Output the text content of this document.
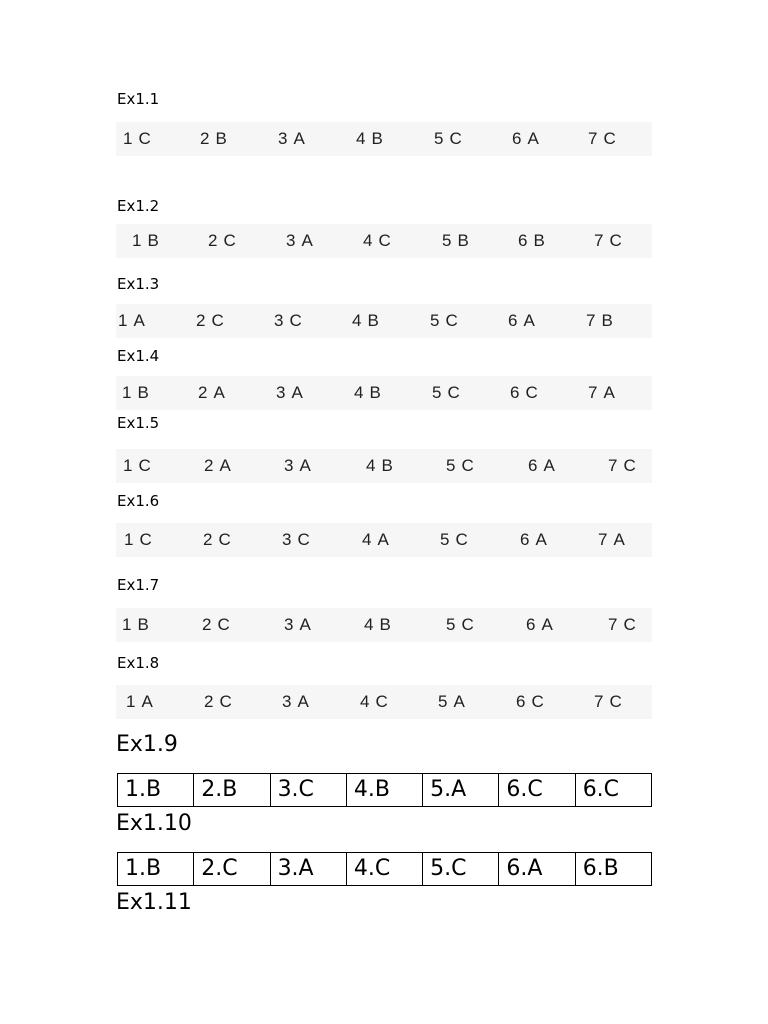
Ex1.1
1 C	2 B	3 A	4 B	5 C	6 A	7 C
Ex1.2
1 B	2 C	3 A	4 C	5 B	6 B	7 C
Ex1.3
1 A	2 C	3 C	4 B	5 C	6 A	7 B
Ex1.4
1 B	2 A	3 A	4 B	5 C	6 C	7 A
Ex1.5
1 C	2 A	3 A	4 B	5 C	6 A	7 C
Ex1.6
1 C	2 C	3 C	4 A	5 C	6 A	7 A
Ex1.7
1 B	2 C	3 A	4 B	5 C	6 A	7 C
Ex1.8
1 A	2 C	3 A	4 C	5 A	6 C	7 C
Ex1.9
1.B	2.B	3.C	4.B	5.A	6.C	6.C
Ex1.10
1.B	2.C	3.A	4.C	5.C	6.A	6.B
Ex1.11
